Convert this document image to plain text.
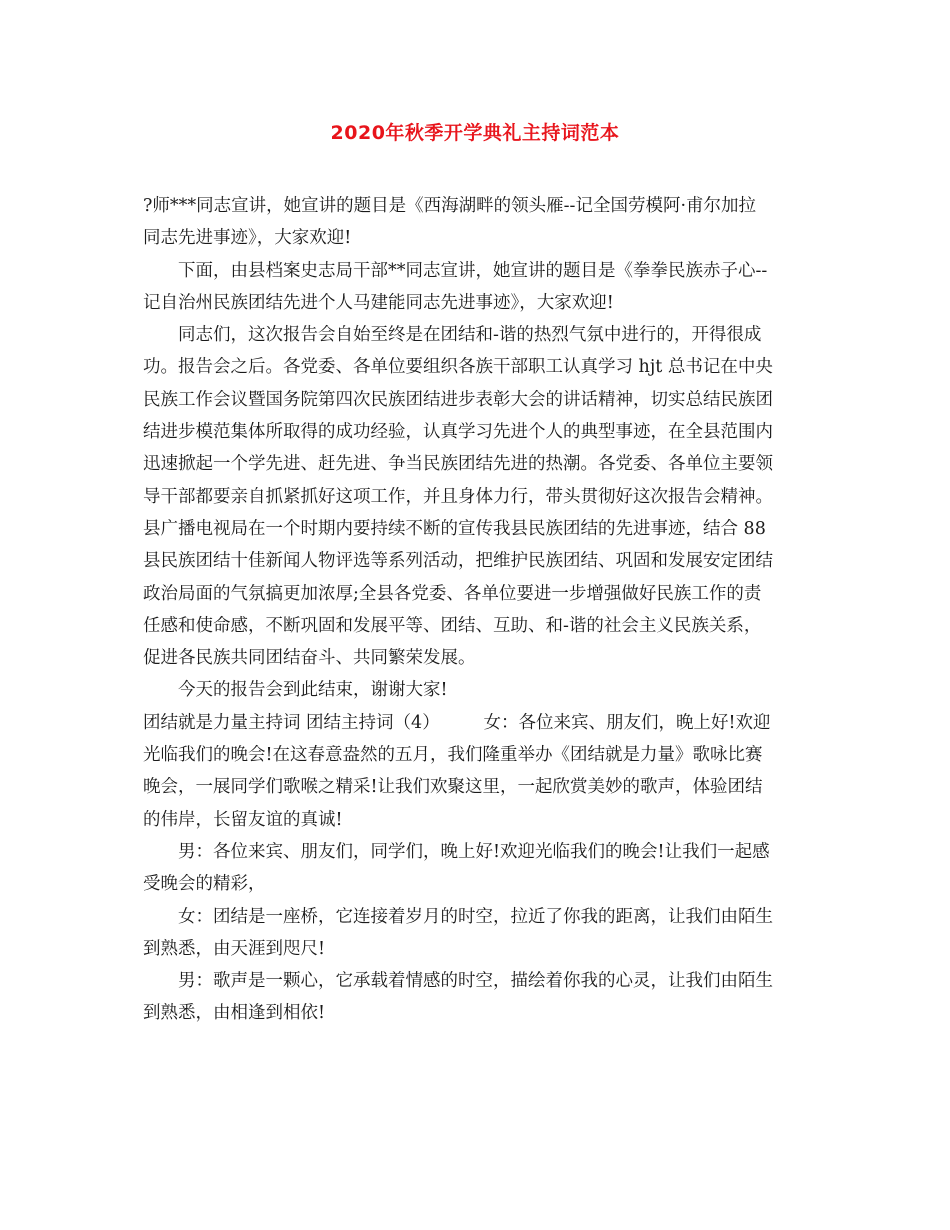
2020年秋季开学典礼主持词范本
?师***同志宣讲，她宣讲的题目是《西海湖畔的领头雁--记全国劳模阿·甫尔加拉
同志先进事迹》，大家欢迎!
下面，由县档案史志局干部**同志宣讲，她宣讲的题目是《拳拳民族赤子心--
记自治州民族团结先进个人马建能同志先进事迹》，大家欢迎!
同志们，这次报告会自始至终是在团结和-谐的热烈气氛中进行的，开得很成
功。报告会之后。各党委、各单位要组织各族干部职工认真学习 hjt 总书记在中央
民族工作会议暨国务院第四次民族团结进步表彰大会的讲话精神，切实总结民族团
结进步模范集体所取得的成功经验，认真学习先进个人的典型事迹，在全县范围内
迅速掀起一个学先进、赶先进、争当民族团结先进的热潮。各党委、各单位主要领
导干部都要亲自抓紧抓好这项工作，并且身体力行，带头贯彻好这次报告会精神。
县广播电视局在一个时期内要持续不断的宣传我县民族团结的先进事迹，结合 88
县民族团结十佳新闻人物评选等系列活动，把维护民族团结、巩固和发展安定团结
政治局面的气氛搞更加浓厚;全县各党委、各单位要进一步增强做好民族工作的责
任感和使命感，不断巩固和发展平等、团结、互助、和-谐的社会主义民族关系，
促进各民族共同团结奋斗、共同繁荣发展。
今天的报告会到此结束，谢谢大家!
团结就是力量主持词 团结主持词（4）　　　女：各位来宾、朋友们，晚上好!欢迎
光临我们的晚会!在这春意盎然的五月，我们隆重举办《团结就是力量》歌咏比赛
晚会，一展同学们歌喉之精采!让我们欢聚这里，一起欣赏美妙的歌声，体验团结
的伟岸，长留友谊的真诚!
男：各位来宾、朋友们，同学们，晚上好!欢迎光临我们的晚会!让我们一起感
受晚会的精彩，
女：团结是一座桥，它连接着岁月的时空，拉近了你我的距离，让我们由陌生
到熟悉，由天涯到咫尺!
男：歌声是一颗心，它承载着情感的时空，描绘着你我的心灵，让我们由陌生
到熟悉，由相逢到相依!
